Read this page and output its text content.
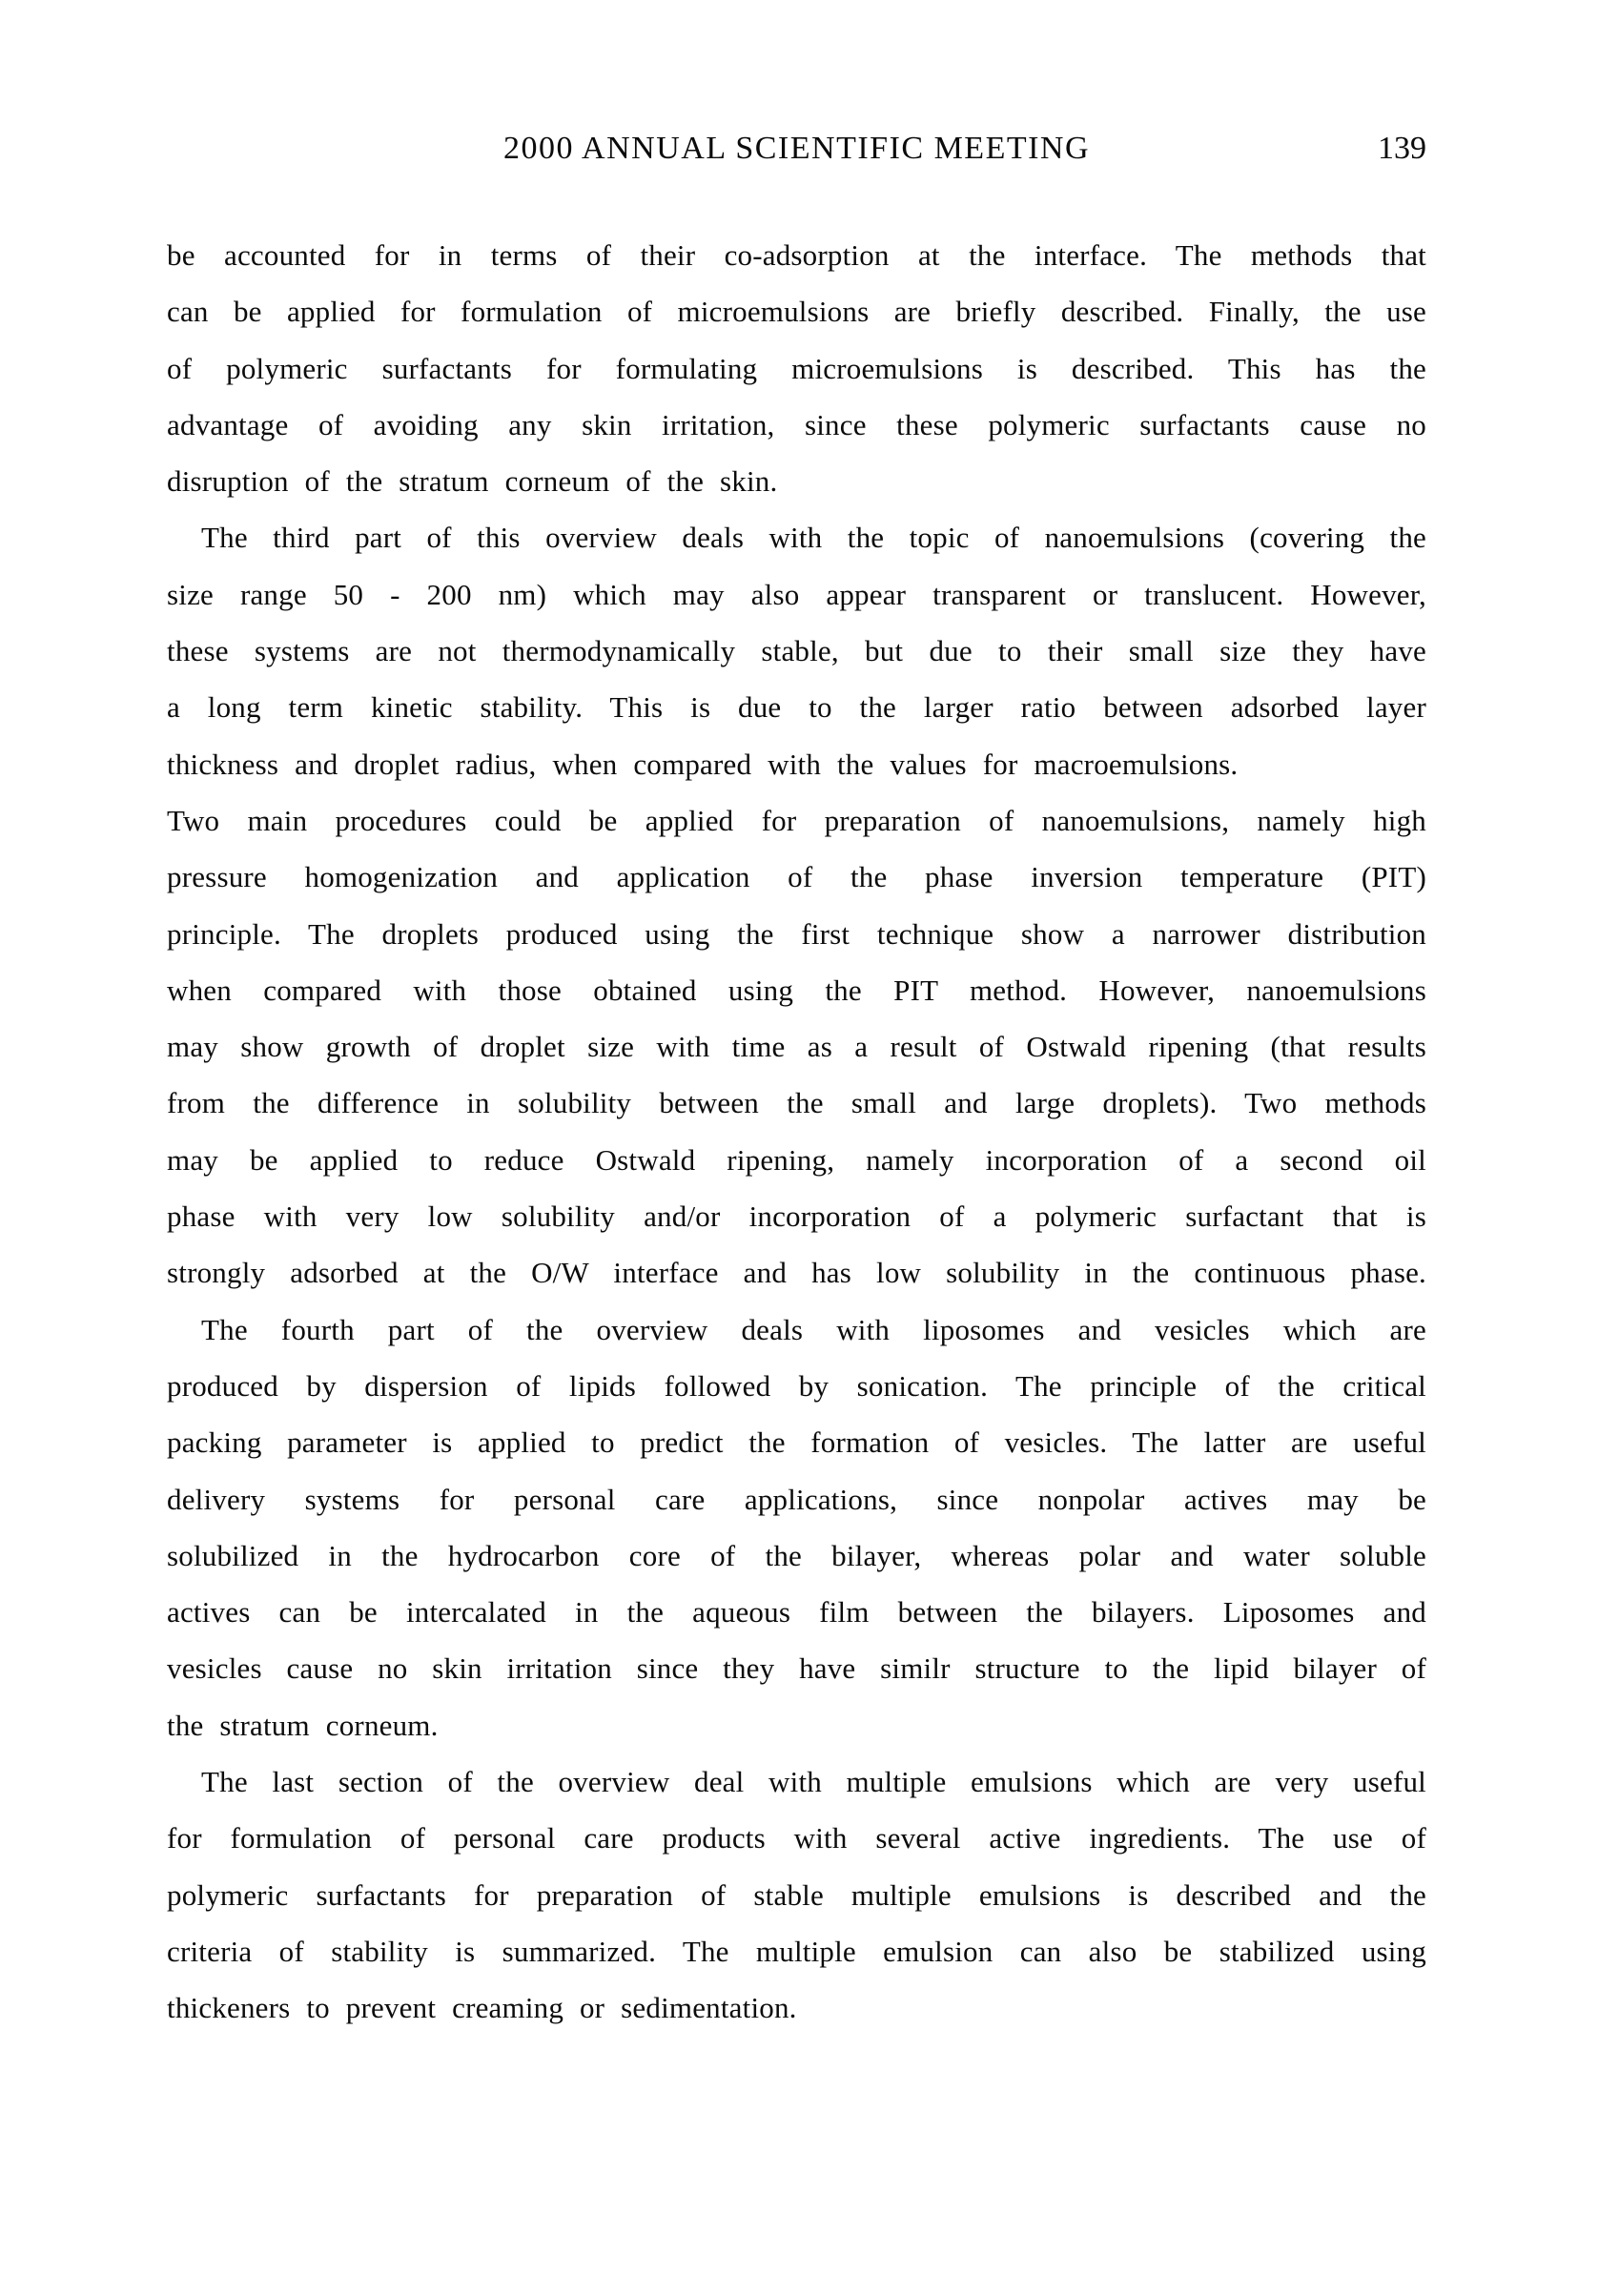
2000 ANNUAL SCIENTIFIC MEETING	139
be accounted for in terms of their co-adsorption at the interface. The methods that
can be applied for formulation of microemulsions are briefly described. Finally, the use
of polymeric surfactants for formulating microemulsions is described. This has the
advantage of avoiding any skin irritation, since these polymeric surfactants cause no
disruption of the stratum corneum of the skin.
The third part of this overview deals with the topic of nanoemulsions (covering the
size range 50 - 200 nm) which may also appear transparent or translucent. However,
these systems are not thermodynamically stable, but due to their small size they have
a long term kinetic stability. This is due to the larger ratio between adsorbed layer
thickness and droplet radius, when compared with the values for macroemulsions.
Two main procedures could be applied for preparation of nanoemulsions, namely high
pressure homogenization and application of the phase inversion temperature (PIT)
principle. The droplets produced using the first technique show a narrower distribution
when compared with those obtained using the PIT method. However, nanoemulsions
may show growth of droplet size with time as a result of Ostwald ripening (that results
from the difference in solubility between the small and large droplets). Two methods
may be applied to reduce Ostwald ripening, namely incorporation of a second oil
phase with very low solubility and/or incorporation of a polymeric surfactant that is
strongly adsorbed at the O/W interface and has low solubility in the continuous phase.
The fourth part of the overview deals with liposomes and vesicles which are
produced by dispersion of lipids followed by sonication. The principle of the critical
packing parameter is applied to predict the formation of vesicles. The latter are useful
delivery systems for personal care applications, since nonpolar actives may be
solubilized in the hydrocarbon core of the bilayer, whereas polar and water soluble
actives can be intercalated in the aqueous film between the bilayers. Liposomes and
vesicles cause no skin irritation since they have similr structure to the lipid bilayer of
the stratum corneum.
The last section of the overview deal with multiple emulsions which are very useful
for formulation of personal care products with several active ingredients. The use of
polymeric surfactants for preparation of stable multiple emulsions is described and the
criteria of stability is summarized. The multiple emulsion can also be stabilized using
thickeners to prevent creaming or sedimentation.
